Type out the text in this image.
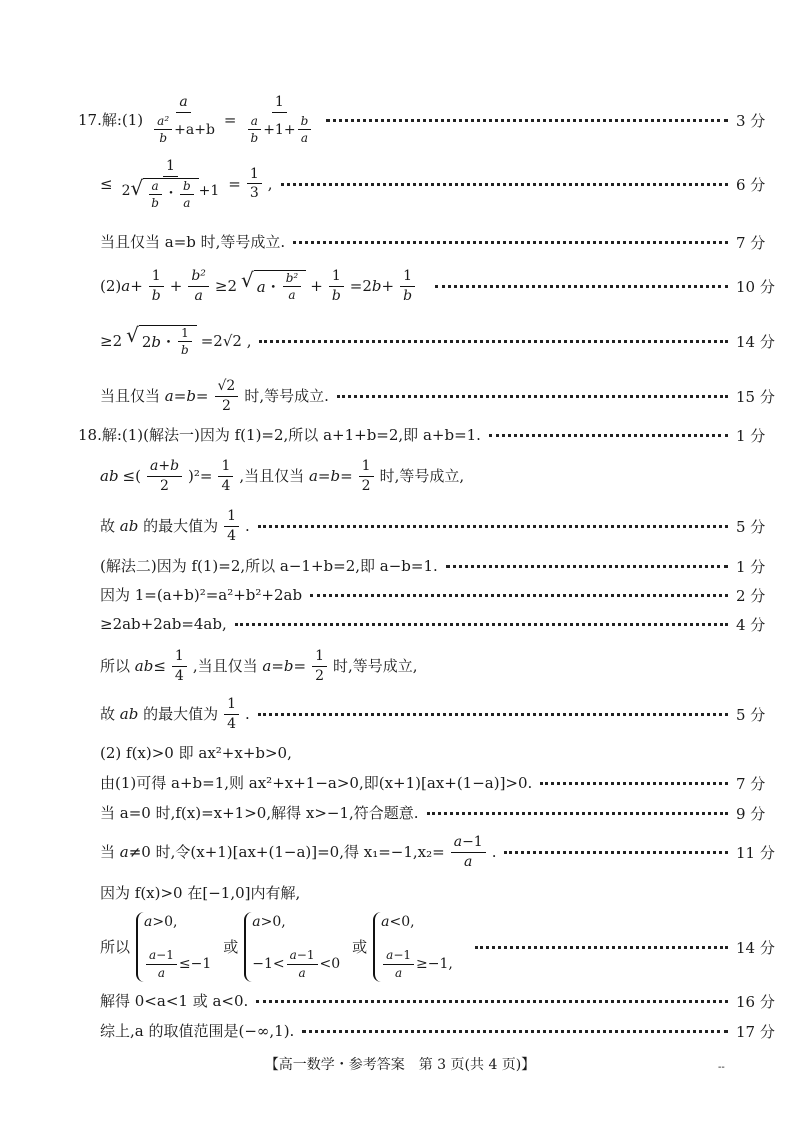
17.解:(1) $\frac{a}{\frac{\text{a²}}{b} +a+b} = \frac{1}{\frac{a}{b} +1+ \frac{b}{a}}$	3 分
≤ $\frac{1}{2 √ \frac{a}{b} ・ \frac{b}{a} +1} = \frac{1}{3}$ ,	6 分
当且仅当 a=b 时,等号成立.	7 分
$(2)a+ \frac{1}{b} + \frac{\text{b²}}{a} \ge 2$ √ a ・ $\frac{\text{b²}}{a} + \frac{1}{b} =2b+ \frac{1}{b}$	10 分
≥2 √ 2 b ・ $\frac{1}{b} =2√2$ ,	14 分
当且仅当 $a=b= \frac{√2}{2}$ 时,等号成立.	15 分
18.解:(1)(解法一)因为 f(1)=2,所以 a+1+b=2,即 a+b=1.	1 分
ab ≤( $\frac{a+b}{2} )^2= \frac{1}{4}$ ,当且仅当 $a=b= \frac{1}{2}$ 时,等号成立,
故 ab 的最大值为 $\frac{1}{4}$ .	5 分
(解法二)因为 f(1)=2,所以 a−1+b=2,即 a−b=1.	1 分
因为 1=(a+b)²=a²+b²+2ab	2 分
≥2ab+2ab=4ab,	4 分
所以 $ab\le \frac{1}{4}$ ,当且仅当 $a=b= \frac{1}{2}$ 时,等号成立,
故 ab 的最大值为 $\frac{1}{4}$ .	5 分
(2) f(x)>0 即 ax²+x+b>0,
由(1)可得 a+b=1,则 ax²+x+1−a>0,即(x+1)[ax+(1−a)]>0.	7 分
当 a=0 时,f(x)=x+1>0,解得 x>−1,符合题意.	9 分
当 a≠0 时,令(x+1)[ax+(1−a)]=0,得 $x_1=-1,x_2= \frac{a-1}{a}$ .	11 分
因为 f(x)>0 在[−1,0]内有解,
所以
a>0,
$\frac{a-1}{a} \le-1$
或
a>0,
$-1< \frac{a-1}{a} <0$
或
a<0,
$\frac{a-1}{a} \ge-1$,
14 分
解得 0<a<1 或 a<0.	16 分
综上,a 的取值范围是(−∞,1).	17 分
【高一数学・参考答案　第 3 页(共 4 页)】	--
